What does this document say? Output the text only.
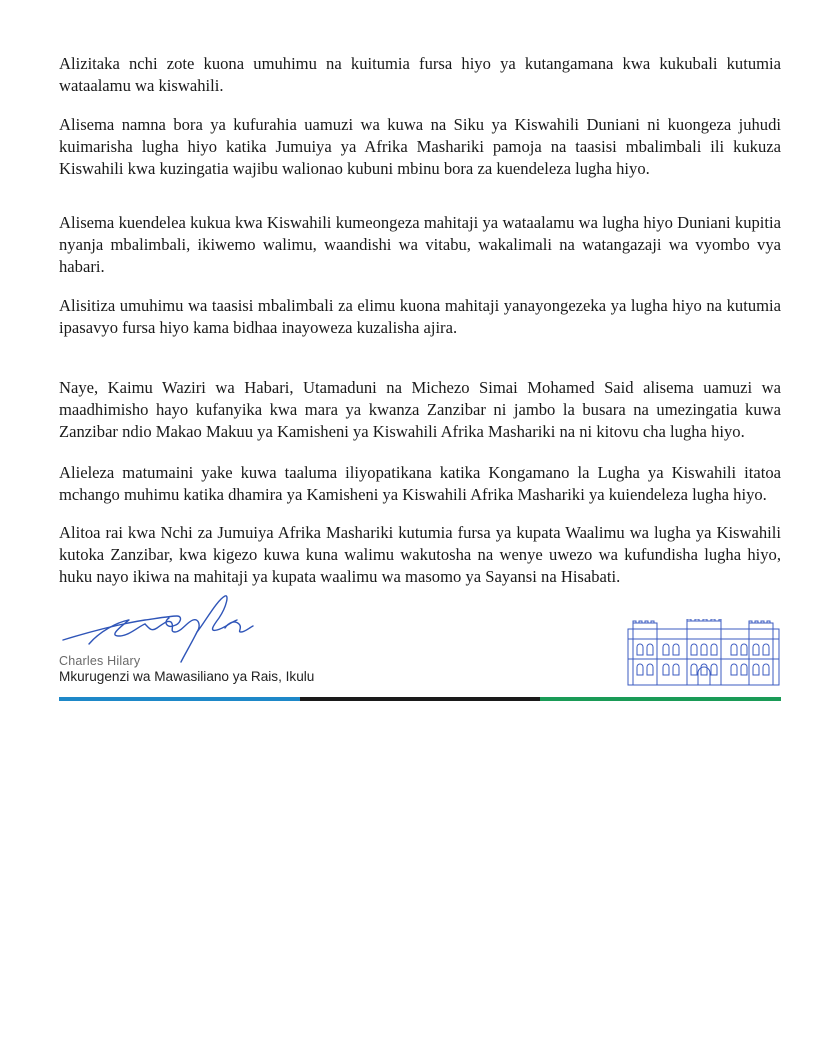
Alizitaka nchi zote kuona umuhimu na kuitumia fursa hiyo ya kutangamana kwa kukubali kutumia wataalamu wa kiswahili.

Alisema namna bora ya kufurahia uamuzi wa kuwa na Siku ya Kiswahili Duniani ni kuongeza juhudi kuimarisha lugha hiyo katika Jumuiya ya Afrika Mashariki pamoja na taasisi mbalimbali ili kukuza Kiswahili kwa kuzingatia wajibu walionao kubuni mbinu bora za kuendeleza lugha hiyo.

Alisema kuendelea kukua kwa Kiswahili kumeongeza mahitaji ya wataalamu wa lugha hiyo Duniani kupitia nyanja mbalimbali, ikiwemo walimu, waandishi wa vitabu, wakalimali na watangazaji wa vyombo vya habari.

Alisitiza umuhimu wa taasisi mbalimbali za elimu kuona mahitaji yanayongezeka ya lugha hiyo na kutumia ipasavyo fursa hiyo kama bidhaa inayoweza kuzalisha ajira.

Naye, Kaimu Waziri wa Habari, Utamaduni na Michezo Simai Mohamed Said alisema uamuzi wa maadhimisho hayo kufanyika kwa mara ya kwanza Zanzibar ni jambo la busara na umezingatia kuwa Zanzibar ndio Makao Makuu ya Kamisheni ya Kiswahili Afrika Mashariki na ni kitovu cha lugha hiyo.

Alieleza matumaini yake kuwa taaluma iliyopatikana katika Kongamano la Lugha ya Kiswahili itatoa mchango muhimu katika dhamira ya Kamisheni ya Kiswahili Afrika Mashariki ya kuiendeleza lugha hiyo.

Alitoa rai kwa Nchi za Jumuiya Afrika Mashariki kutumia fursa ya kupata Waalimu wa lugha ya Kiswahili kutoka Zanzibar, kwa kigezo kuwa kuna walimu wakutosha na wenye uwezo wa kufundisha lugha hiyo, huku nayo ikiwa na mahitaji ya kupata waalimu wa masomo ya Sayansi na Hisabati.

Charles Hilary
Mkurugenzi wa Mawasiliano ya Rais, Ikulu
